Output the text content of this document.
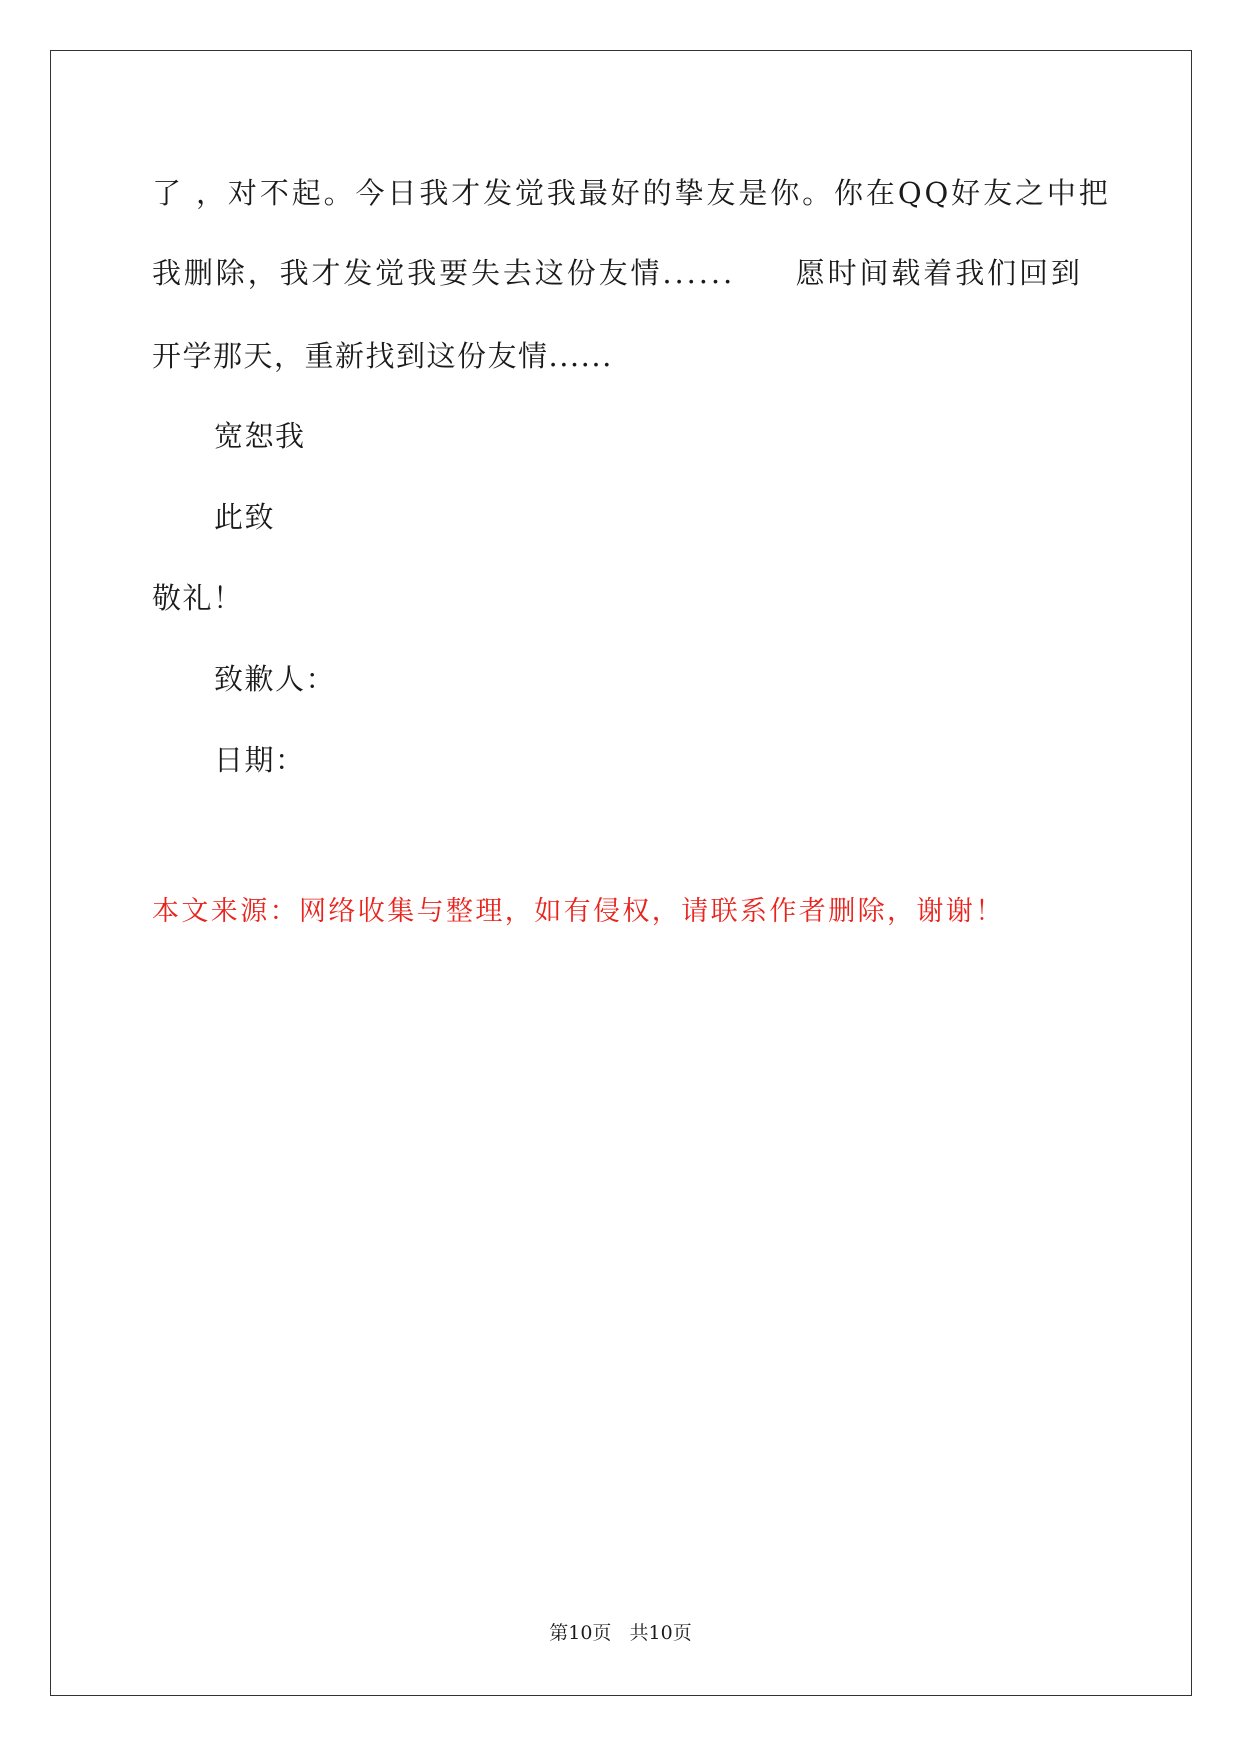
了 ，对不起。今日我才发觉我最好的挚友是你。你在QQ好友之中把
我删除，我才发觉我要失去这份友情......     愿时间载着我们回到
开学那天，重新找到这份友情......
宽恕我
此致
敬礼！
致歉人：
日期：
本文来源：网络收集与整理，如有侵权，请联系作者删除，谢谢！
第10页   共10页
